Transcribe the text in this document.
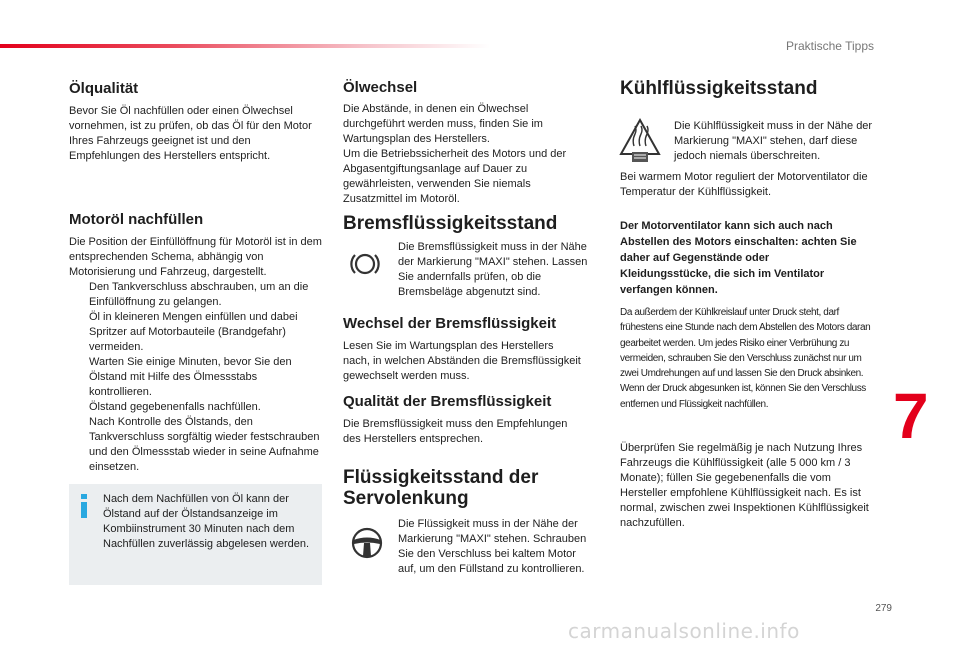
Praktische Tipps
Ölqualität

Bevor Sie Öl nachfüllen oder einen Ölwechsel vornehmen, ist zu prüfen, ob das Öl für den Motor Ihres Fahrzeugs geeignet ist und den Empfehlungen des Herstellers entspricht.

Motoröl nachfüllen

Die Position der Einfüllöffnung für Motoröl ist in dem entsprechenden Schema, abhängig von Motorisierung und Fahrzeug, dargestellt.

Den Tankverschluss abschrauben, um an die Einfüllöffnung zu gelangen.
Öl in kleineren Mengen einfüllen und dabei Spritzer auf Motorbauteile (Brandgefahr) vermeiden.
Warten Sie einige Minuten, bevor Sie den Ölstand mit Hilfe des Ölmessstabs kontrollieren.
Ölstand gegebenenfalls nachfüllen.
Nach Kontrolle des Ölstands, den Tankverschluss sorgfältig wieder festschrauben und den Ölmessstab wieder in seine Aufnahme einsetzen.

Nach dem Nachfüllen von Öl kann der Ölstand auf der Ölstandsanzeige im Kombiinstrument 30 Minuten nach dem Nachfüllen zuverlässig abgelesen werden.

Ölwechsel

Die Abstände, in denen ein Ölwechsel durchgeführt werden muss, finden Sie im Wartungsplan des Herstellers.

Um die Betriebssicherheit des Motors und der Abgasentgiftungsanlage auf Dauer zu gewährleisten, verwenden Sie niemals Zusatzmittel im Motoröl.

Bremsflüssigkeitsstand

Die Bremsflüssigkeit muss in der Nähe der Markierung "MAXI" stehen. Lassen Sie andernfalls prüfen, ob die Bremsbeläge abgenutzt sind.

Wechsel der Bremsflüssigkeit

Lesen Sie im Wartungsplan des Herstellers nach, in welchen Abständen die Bremsflüssigkeit gewechselt werden muss.

Qualität der Bremsflüssigkeit

Die Bremsflüssigkeit muss den Empfehlungen des Herstellers entsprechen.

Flüssigkeitsstand der
Servolenkung

Die Flüssigkeit muss in der Nähe der Markierung "MAXI" stehen. Schrauben Sie den Verschluss bei kaltem Motor auf, um den Füllstand zu kontrollieren.

Kühlflüssigkeitsstand

Die Kühlflüssigkeit muss in der Nähe der Markierung "MAXI" stehen, darf diese jedoch niemals überschreiten.

Bei warmem Motor reguliert der Motorventilator die Temperatur der Kühlflüssigkeit.

Der Motorventilator kann sich auch nach Abstellen des Motors einschalten: achten Sie daher auf Gegenstände oder Kleidungsstücke, die sich im Ventilator verfangen können.

Da außerdem der Kühlkreislauf unter Druck steht, darf frühestens eine Stunde nach dem Abstellen des Motors daran gearbeitet werden. Um jedes Risiko einer Verbrühung zu vermeiden, schrauben Sie den Verschluss zunächst nur um zwei Umdrehungen auf und lassen Sie den Druck absinken. Wenn der Druck abgesunken ist, können Sie den Verschluss entfernen und Flüssigkeit nachfüllen.

Überprüfen Sie regelmäßig je nach Nutzung Ihres Fahrzeugs die Kühlflüssigkeit (alle 5 000 km / 3 Monate); füllen Sie gegebenenfalls die vom Hersteller empfohlene Kühlflüssigkeit nach. Es ist normal, zwischen zwei Inspektionen Kühlflüssigkeit nachzufüllen.

7
279
carmanualsonline.info
